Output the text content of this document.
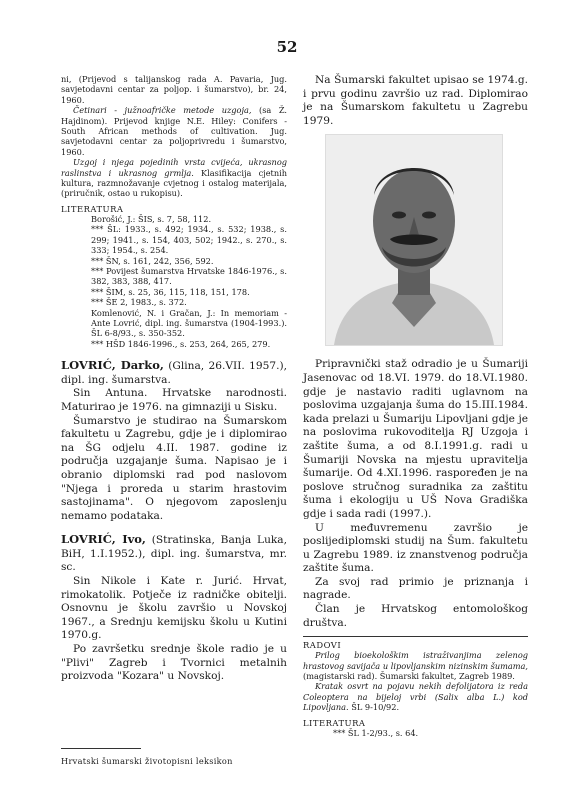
52

ni, (Prijevod s talijanskog rada A. Pavaria, Jug. savjetodavni centar za poljop. i šumarstvo), br. 24, 1960.

Četinari - južnoafričke metode uzgoja, (sa Ž. Hajdinom). Prijevod knjige N.E. Hiley: Conifers - South African methods of cultivation. Jug. savjetodavni centar za poljoprivredu i šumarstvo, 1960.

Uzgoj i njega pojedinih vrsta cvijeća, ukrasnog raslinstva i ukrasnog grmlja. Klasifikacija cjetnih kultura, razmnožavanje cvjetnog i ostalog materijala, (priručnik, ostao u rukopisu).

LITERATURA

Borošić, J.: ŠIS, s. 7, 58, 112.

*** ŠL: 1933., s. 492; 1934., s. 532; 1938., s. 299; 1941., s. 154, 403, 502; 1942., s. 270., s. 333; 1954., s. 254.

*** ŠN, s. 161, 242, 356, 592.

*** Povijest šumarstva Hrvatske 1846-1976., s. 382, 383, 388, 417.

*** ŠIM, s. 25, 36, 115, 118, 151, 178.

*** ŠE 2, 1983., s. 372.

Komlenović, N. i Gračan, J.: In memoriam - Ante Lovrić, dipl. ing. šumarstva (1904-1993.). ŠL 6-8/93., s. 350-352.

*** HŠD 1846-1996., s. 253, 264, 265, 279.

LOVRIĆ, Darko, (Glina, 26.VII. 1957.), dipl. ing. šumarstva.

Sin Antuna. Hrvatske narodnosti. Maturirao je 1976. na gimnaziji u Sisku.

Šumarstvo je studirao na Šumarskom fakultetu u Zagrebu, gdje je i diplomirao na ŠG odjelu 4.II. 1987. godine iz područja uzgajanje šuma. Napisao je i obranio diplomski rad pod naslovom "Njega i proreda u starim hrastovim sastojinama". O njegovom zaposlenju nemamo podataka.

LOVRIĆ, Ivo, (Stratinska, Banja Luka, BiH, 1.I.1952.), dipl. ing. šumarstva, mr. sc.

Sin Nikole i Kate r. Jurić. Hrvat, rimokatolik. Potječe iz radničke obitelji. Osnovnu je školu završio u Novskoj 1967., a Srednju kemijsku školu u Kutini 1970.g.

Po završetku srednje škole radio je u "Plivi" Zagreb i Tvornici metalnih proizvoda "Kozara" u Novskoj.

Na Šumarski fakultet upisao se 1974.g. i prvu godinu završio uz rad. Diplomirao je na Šumarskom fakultetu u Zagrebu 1979.

Pripravnički staž odradio je u Šumariji Jasenovac od 18.VI. 1979. do 18.VI.1980. gdje je nastavio raditi uglavnom na poslovima uzgajanja šuma do 15.III.1984. kada prelazi u Šumariju Lipovljani gdje je na poslovima rukovoditelja RJ Uzgoja i zaštite šuma, a od 8.I.1991.g. radi u Šumariji Novska na mjestu upravitelja šumarije. Od 4.XI.1996. raspoređen je na poslove stručnog suradnika za zaštitu šuma i ekologiju u UŠ Nova Gradiška gdje i sada radi (1997.).

U međuvremenu završio je poslijediplomski studij na Šum. fakultetu u Zagrebu 1989. iz znanstvenog područja zaštite šuma.

Za svoj rad primio je priznanja i nagrade.

Član je Hrvatskog entomološkog društva.

RADOVI

Prilog bioekološkim istraživanjima zelenog hrastovog savijača u lipovljanskim nizinskim šumama, (magistarski rad). Šumarski fakultet, Zagreb 1989.

Kratak osvrt na pojavu nekih defolijatora iz reda Coleoptera na bijeloj vrbi (Salix alba L.) kod Lipovljana. ŠL 9-10/92.

LITERATURA

*** ŠL 1-2/93., s. 64.

Hrvatski šumarski životopisni leksikon
